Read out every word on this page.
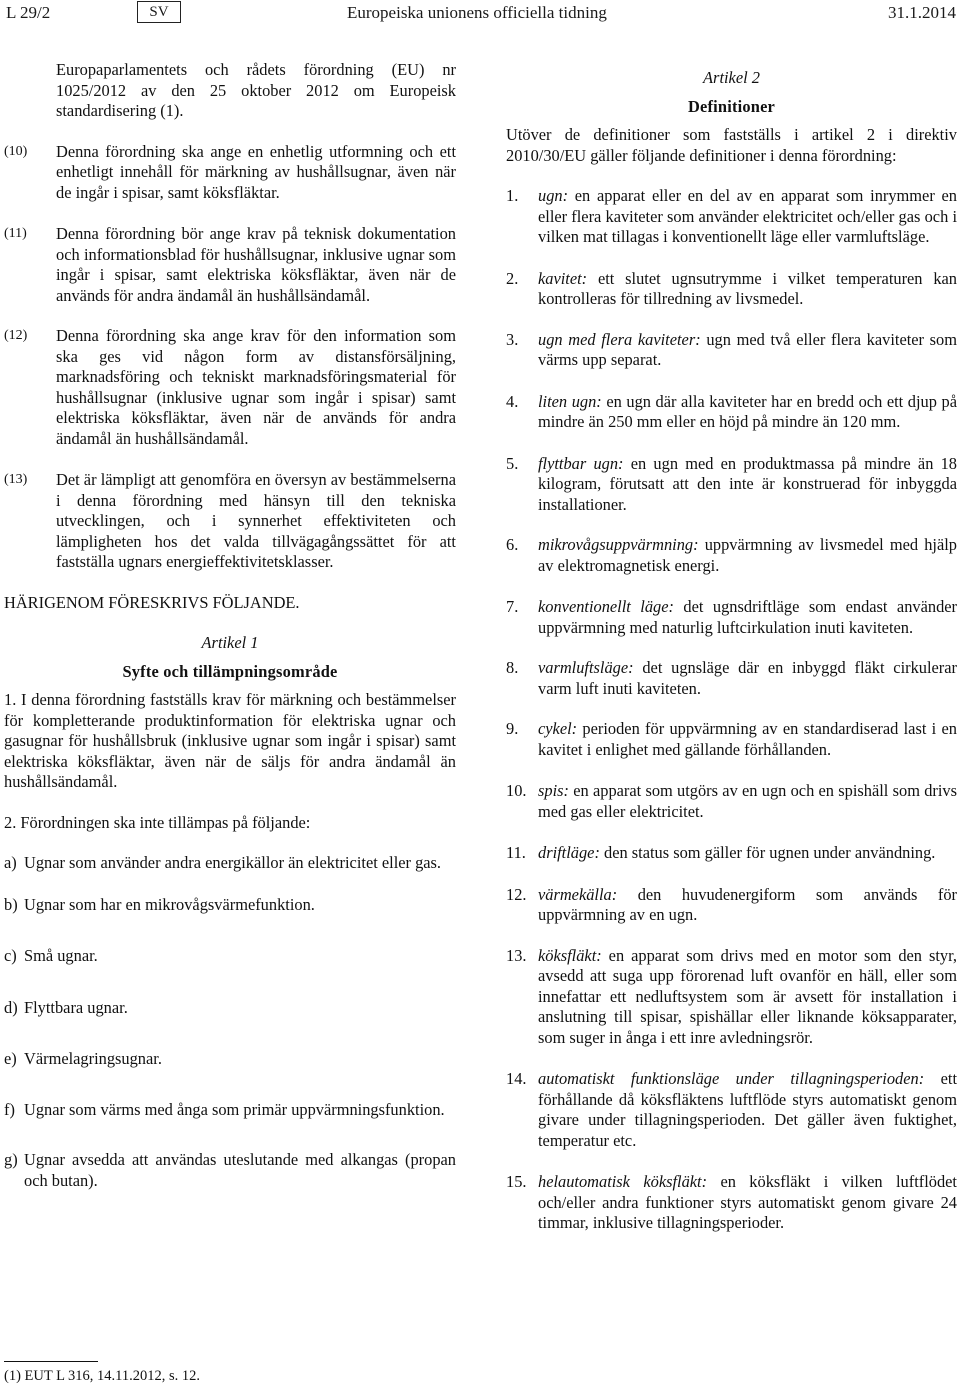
L 29/2	SV	Europeiska unionens officiella tidning	31.1.2014

Europaparlamentets och rådets förordning (EU) nr 1025/2012 av den 25 oktober 2012 om Europeisk standardisering (1).

(10) Denna förordning ska ange en enhetlig utformning och ett enhetligt innehåll för märkning av hushållsugnar, även när de ingår i spisar, samt köksfläktar.

(11) Denna förordning bör ange krav på teknisk dokumentation och informationsblad för hushållsugnar, inklusive ugnar som ingår i spisar, samt elektriska köksfläktar, även när de används för andra ändamål än hushållsändamål.

(12) Denna förordning ska ange krav för den information som ska ges vid någon form av distansförsäljning, marknadsföring och tekniskt marknadsföringsmaterial för hushållsugnar (inklusive ugnar som ingår i spisar) samt elektriska köksfläktar, även när de används för andra ändamål än hushållsändamål.

(13) Det är lämpligt att genomföra en översyn av bestämmelserna i denna förordning med hänsyn till den tekniska utvecklingen, och i synnerhet effektiviteten och lämpligheten hos det valda tillvägagångssättet för att fastställa ugnars energieffektivitetsklasser.

HÄRIGENOM FÖRESKRIVS FÖLJANDE.

Artikel 1

Syfte och tillämpningsområde

1. I denna förordning fastställs krav för märkning och bestämmelser för kompletterande produktinformation för elektriska ugnar och gasugnar för hushållsbruk (inklusive ugnar som ingår i spisar) samt elektriska köksfläktar, även när de säljs för andra ändamål än hushållsändamål.

2. Förordningen ska inte tillämpas på följande:

a) Ugnar som använder andra energikällor än elektricitet eller gas.

b) Ugnar som har en mikrovågsvärmefunktion.

c) Små ugnar.

d) Flyttbara ugnar.

e) Värmelagringsugnar.

f) Ugnar som värms med ånga som primär uppvärmningsfunktion.

g) Ugnar avsedda att användas uteslutande med alkangas (propan och butan).

(1) EUT L 316, 14.11.2012, s. 12.

Artikel 2

Definitioner

Utöver de definitioner som fastställs i artikel 2 i direktiv 2010/30/EU gäller följande definitioner i denna förordning:

1. ugn: en apparat eller en del av en apparat som inrymmer en eller flera kaviteter som använder elektricitet och/eller gas och i vilken mat tillagas i konventionellt läge eller varmluftsläge.

2. kavitet: ett slutet ugnsutrymme i vilket temperaturen kan kontrolleras för tillredning av livsmedel.

3. ugn med flera kaviteter: ugn med två eller flera kaviteter som värms upp separat.

4. liten ugn: en ugn där alla kaviteter har en bredd och ett djup på mindre än 250 mm eller en höjd på mindre än 120 mm.

5. flyttbar ugn: en ugn med en produktmassa på mindre än 18 kilogram, förutsatt att den inte är konstruerad för inbyggda installationer.

6. mikrovågsuppvärmning: uppvärmning av livsmedel med hjälp av elektromagnetisk energi.

7. konventionellt läge: det ugnsdriftläge som endast använder uppvärmning med naturlig luftcirkulation inuti kaviteten.

8. varmluftsläge: det ugnsläge där en inbyggd fläkt cirkulerar varm luft inuti kaviteten.

9. cykel: perioden för uppvärmning av en standardiserad last i en kavitet i enlighet med gällande förhållanden.

10. spis: en apparat som utgörs av en ugn och en spishäll som drivs med gas eller elektricitet.

11. driftläge: den status som gäller för ugnen under användning.

12. värmekälla: den huvudenergiform som används för uppvärmning av en ugn.

13. köksfläkt: en apparat som drivs med en motor som den styr, avsedd att suga upp förorenad luft ovanför en häll, eller som innefattar ett nedluftsystem som är avsett för installation i anslutning till spisar, spishällar eller liknande köksapparater, som suger in ånga i ett inre avledningsrör.

14. automatiskt funktionsläge under tillagningsperioden: ett förhållande då köksfläktens luftflöde styrs automatiskt genom givare under tillagningsperioden. Det gäller även fuktighet, temperatur etc.

15. helautomatisk köksfläkt: en köksfläkt i vilken luftflödet och/eller andra funktioner styrs automatiskt genom givare 24 timmar, inklusive tillagningsperioder.
